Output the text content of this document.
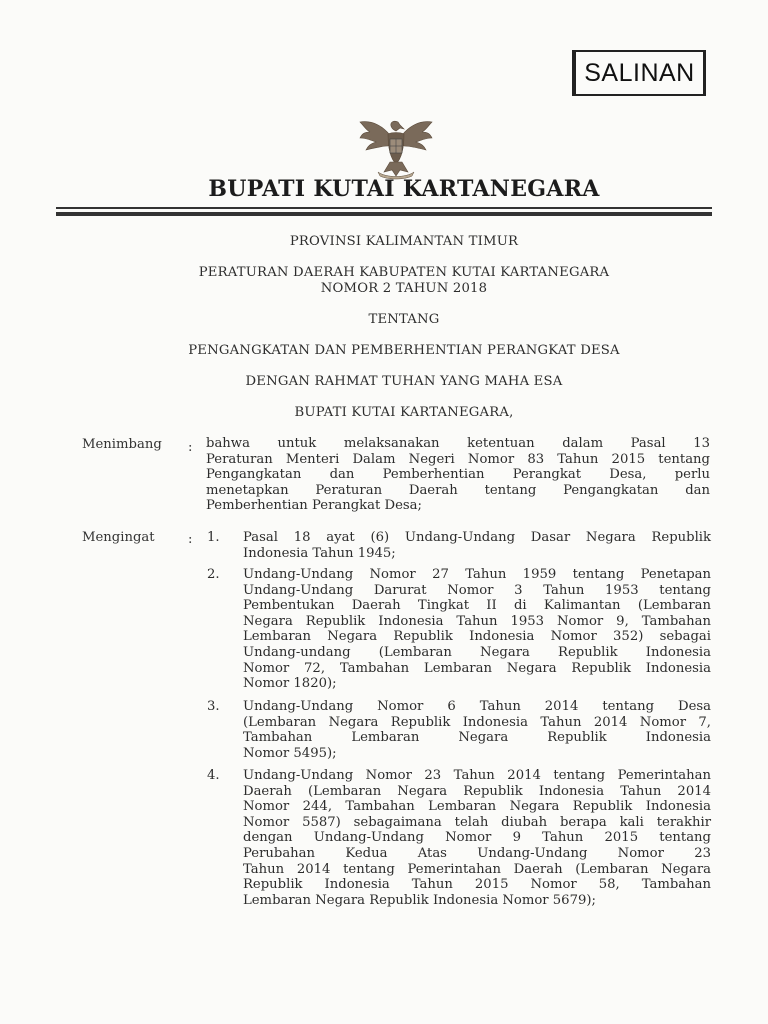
SALINAN
BUPATI KUTAI KARTANEGARA
PROVINSI KALIMANTAN TIMUR
PERATURAN DAERAH KABUPATEN KUTAI KARTANEGARA
NOMOR 2 TAHUN 2018
TENTANG
PENGANGKATAN DAN PEMBERHENTIAN PERANGKAT DESA
DENGAN RAHMAT TUHAN YANG MAHA ESA
BUPATI KUTAI KARTANEGARA,
Menimbang : bahwa untuk melaksanakan ketentuan dalam Pasal 13
Peraturan Menteri Dalam Negeri Nomor 83 Tahun 2015 tentang
Pengangkatan dan Pemberhentian Perangkat Desa, perlu
menetapkan Peraturan Daerah tentang Pengangkatan dan
Pemberhentian Perangkat Desa;
Mengingat	: 1. Pasal 18 ayat (6) Undang-Undang Dasar Negara Republik
Indonesia Tahun 1945;
2. Undang-Undang Nomor 27 Tahun 1959 tentang Penetapan
Undang-Undang Darurat Nomor 3 Tahun 1953 tentang
Pembentukan Daerah Tingkat II di Kalimantan (Lembaran
Negara Republik Indonesia Tahun 1953 Nomor 9, Tambahan
Lembaran Negara Republik Indonesia Nomor 352) sebagai
Undang-undang (Lembaran Negara Republik Indonesia
Nomor 72, Tambahan Lembaran Negara Republik Indonesia
Nomor 1820);
3. Undang-Undang Nomor 6 Tahun 2014 tentang Desa
(Lembaran Negara Republik Indonesia Tahun 2014 Nomor 7,
Tambahan Lembaran Negara Republik Indonesia
Nomor 5495);
4. Undang-Undang Nomor 23 Tahun 2014 tentang Pemerintahan
Daerah (Lembaran Negara Republik Indonesia Tahun 2014
Nomor 244, Tambahan Lembaran Negara Republik Indonesia
Nomor 5587) sebagaimana telah diubah berapa kali terakhir
dengan Undang-Undang Nomor 9 Tahun 2015 tentang
Perubahan Kedua Atas Undang-Undang Nomor 23
Tahun 2014 tentang Pemerintahan Daerah (Lembaran Negara
Republik Indonesia Tahun 2015 Nomor 58, Tambahan
Lembaran Negara Republik Indonesia Nomor 5679);
